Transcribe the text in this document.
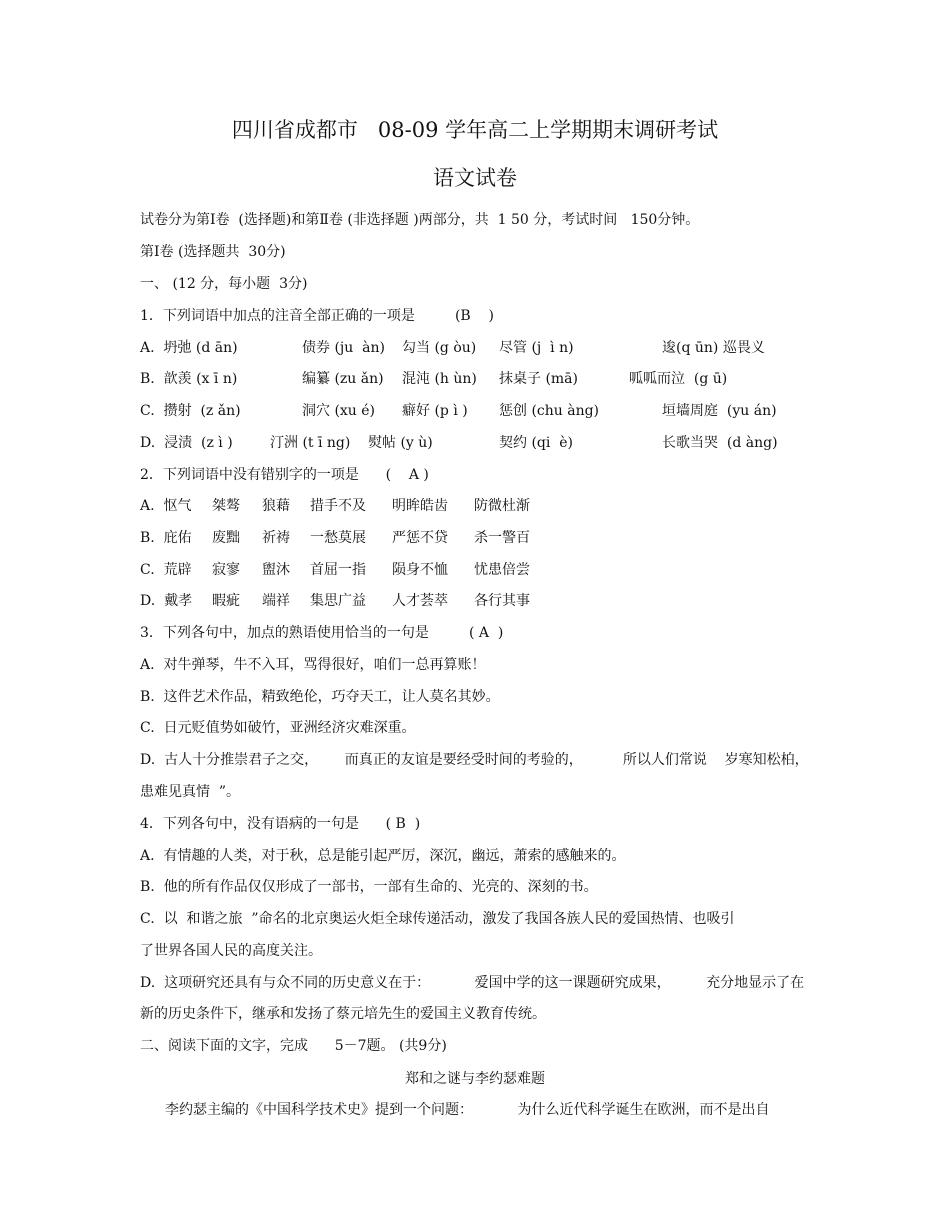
四川省成都市   08-09 学年高二上学期期末调研考试
语文试卷
试卷分为第Ⅰ卷  (选择题)和第Ⅱ卷 (非选择题 )两部分，共  1 50 分，考试时间   150分钟。
第Ⅰ卷 (选择题共  30分)
一、 (12 分，每小题  3分)
1．下列词语中加点的注音全部正确的一项是         (B    )
A.  坍弛 (d ān)	债券 (ju  àn) 勾当 (g òu) 尽管 (j  ì n)	逡(q ūn) 巡畏义
B.  歆羡 (x ī n)	编纂 (zu ǎn) 混沌 (h ùn) 抹桌子 (mā)	呱呱而泣  (g ū)
C.  攒射  (z ǎn)	洞穴 (xu é) 癖好 (p ì ) 惩创 (chu àng)	垣墙周庭  (yu án)
D.  浸渍  (z ì )	汀洲 (t ī ng) 熨帖 (y ù)	契约 (qi  è)	长歌当哭  (d àng)
2．下列词语中没有错别字的一项是      (    A )
A.  怄气 桀骜 狼藉 措手不及 明眸皓齿 防微杜渐
B.  庇佑 废黜 祈祷 一愁莫展 严惩不贷 杀一警百
C.  荒辟 寂寥 盥沐 首屈一指 陨身不恤 忧患倍尝
D.  戴孝 暇疵 端祥 集思广益 人才荟萃 各行其事
3．下列各句中，加点的熟语使用恰当的一句是         ( A  )
A.  对牛弹琴，牛不入耳，骂得很好，咱们一总再算账！
B.  这件艺术作品，精致绝伦，巧夺天工，让人莫名其妙。
C.  日元贬值势如破竹，亚洲经济灾难深重。
D.  古人十分推崇君子之交，      而真正的友谊是要经受时间的考验的，         所以人们常说    岁寒知松柏，
患难见真情  ”。
4．下列各句中，没有语病的一句是      ( B  )
A.  有情趣的人类，对于秋，总是能引起严厉，深沉，幽远，萧索的感触来的。
B.  他的所有作品仅仅形成了一部书，一部有生命的、光亮的、深刻的书。
C.  以  和谐之旅  ”命名的北京奥运火炬全球传递活动，激发了我国各族人民的爱国热情、也吸引
了世界各国人民的高度关注。
D.  这项研究还具有与众不同的历史意义在于：          爱国中学的这一课题研究成果，        充分地显示了在
新的历史条件下，继承和发扬了蔡元培先生的爱国主义教育传统。
二、阅读下面的文字，完成      5－7题。 (共9分)
郑和之谜与李约瑟难题
李约瑟主编的《中国科学技术史》提到一个问题：          为什么近代科学诞生在欧洲，而不是出自
